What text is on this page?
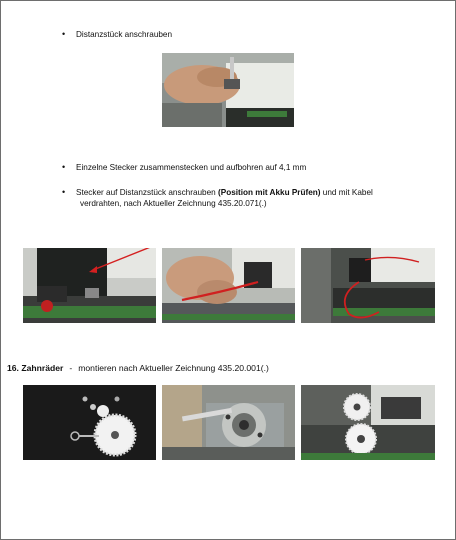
• Distanzstück anschrauben
• Einzelne Stecker zusammenstecken und aufbohren auf 4,1 mm
• Stecker auf Distanzstück anschrauben (Position mit Akku Prüfen) und mit Kabel
verdrahten, nach Aktueller Zeichnung 435.20.071(.)
16. Zahnräder - montieren nach Aktueller Zeichnung 435.20.001(.)
